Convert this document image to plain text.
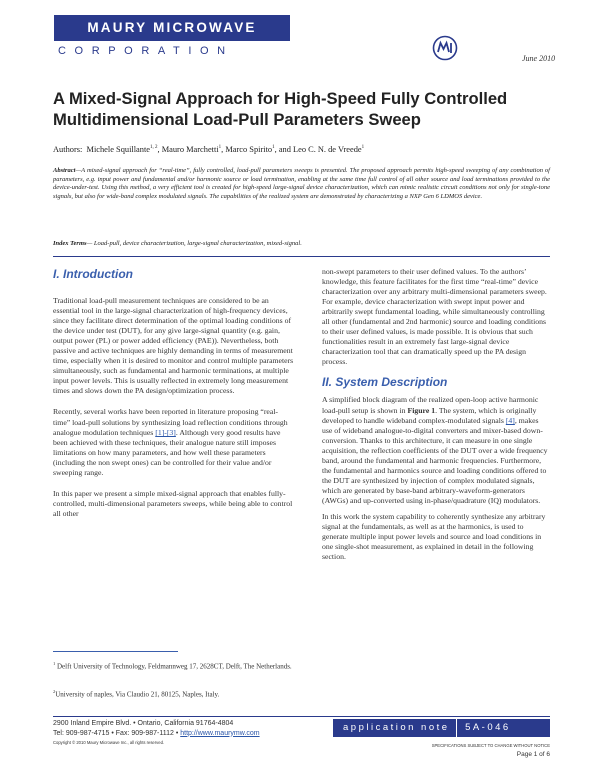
MAURY MICROWAVE
CORPORATION
June 2010
A Mixed-Signal Approach for High-Speed Fully Controlled Multidimensional Load-Pull Parameters Sweep
Authors: Michele Squillante$^{1, 2}$, Mauro Marchetti$^1$, Marco Spirito$^1$, and Leo C. N. de Vreede$^1$
Abstract—A mixed-signal approach for “real-time”, fully controlled, load-pull parameters sweeps is presented. The proposed approach permits high-speed sweeping of any combination of parameters, e.g. input power and fundamental and/or harmonic source or load termination, enabling at the same time full control of all other source and load terminations provided to the device-under-test. Using this method, a very efficient tool is created for high-speed large-signal device characterization, which can mimic realistic circuit conditions not only for single-tone signals, but also for wide-band complex modulated signals. The capabilities of the realized system are demonstrated by characterizing a NXP Gen 6 LDMOS device.
Index Terms— Load-pull, device characterization, large-signal characterization, mixed-signal.
I. Introduction

Traditional load-pull measurement techniques are considered to be an essential tool in the large-signal characterization of high-frequency devices, since they facilitate direct determination of the optimal loading conditions of the device under test (DUT), for any give large-signal quantity (e.g. gain, output power (PL) or power added efficiency (PAE)). Nevertheless, both passive and active techniques are highly demanding in terms of measurement time, especially when it is desired to monitor and control multiple parameters simultaneously, such as fundamental and harmonic terminations, at multiple input power levels. This is usually reflected in extremely long measurement times and slows down the PA design/optimization process.

Recently, several works have been reported in literature proposing “real-time” load-pull solutions by synthesizing load reflection conditions through analogue modulation techniques [1]-[3]. Although very good results have been achieved with these techniques, their analogue nature still imposes limitations on how many parameters, and how well these parameters (including the non swept ones) can be controlled for their value and/or sweeping range.

In this paper we present a simple mixed-signal approach that enables fully-controlled, multi-dimensional parameters sweeps, while being able to control all other

$^1$ Delft University of Technology, Feldmannweg 17, 2628CT, Delft, The Netherlands.
$^2$University of naples, Via Claudio 21, 80125, Naples, Italy.

non-swept parameters to their user defined values. To the authors’ knowledge, this feature facilitates for the first time “real-time” device characterization over any arbitrary multi-dimensional parameters sweep. For example, device characterization with swept input power and arbitrarily swept fundamental loading, while simultaneously controlling all other (fundamental and 2nd harmonic) source and loading conditions to their user defined values, is made possible. It is obvious that such functionalities result in an extremely fast large-signal device characterization tool that can dramatically speed up the PA design process.

II. System Description

A simplified block diagram of the realized open-loop active harmonic load-pull setup is shown in Figure 1. The system, which is originally developed to handle wideband complex-modulated signals [4], makes use of wideband analogue-to-digital converters and mixer-based down-conversion. Thanks to this architecture, it can measure in one single acquisition, the reflection coefficients of the DUT over a wide frequency band, around the fundamental and harmonic frequencies. Furthermore, the fundamental and harmonics source and loading conditions offered to the DUT are synthesized by injection of complex modulated signals, which are generated by base-band arbitrary-waveform-generators (AWGs) and up-converted using in-phase/quadrature (IQ) modulators.

In this work the system capability to coherently synthesize any arbitrary signal at the fundamentals, as well as at the harmonics, is used to generate multiple input power levels and source and load conditions in one single-shot measurement, as explained in detail in the following section.

2900 Inland Empire Blvd. • Ontario, California 91764-4804
Tel: 909-987-4715 • Fax: 909-987-1112 • http://www.maurymw.com
Copyright © 2010 Maury Microwave Inc., all rights reserved.
application note 5A-046
SPECIFICATIONS SUBJECT TO CHANGE WITHOUT NOTICE
Page 1 of 6
